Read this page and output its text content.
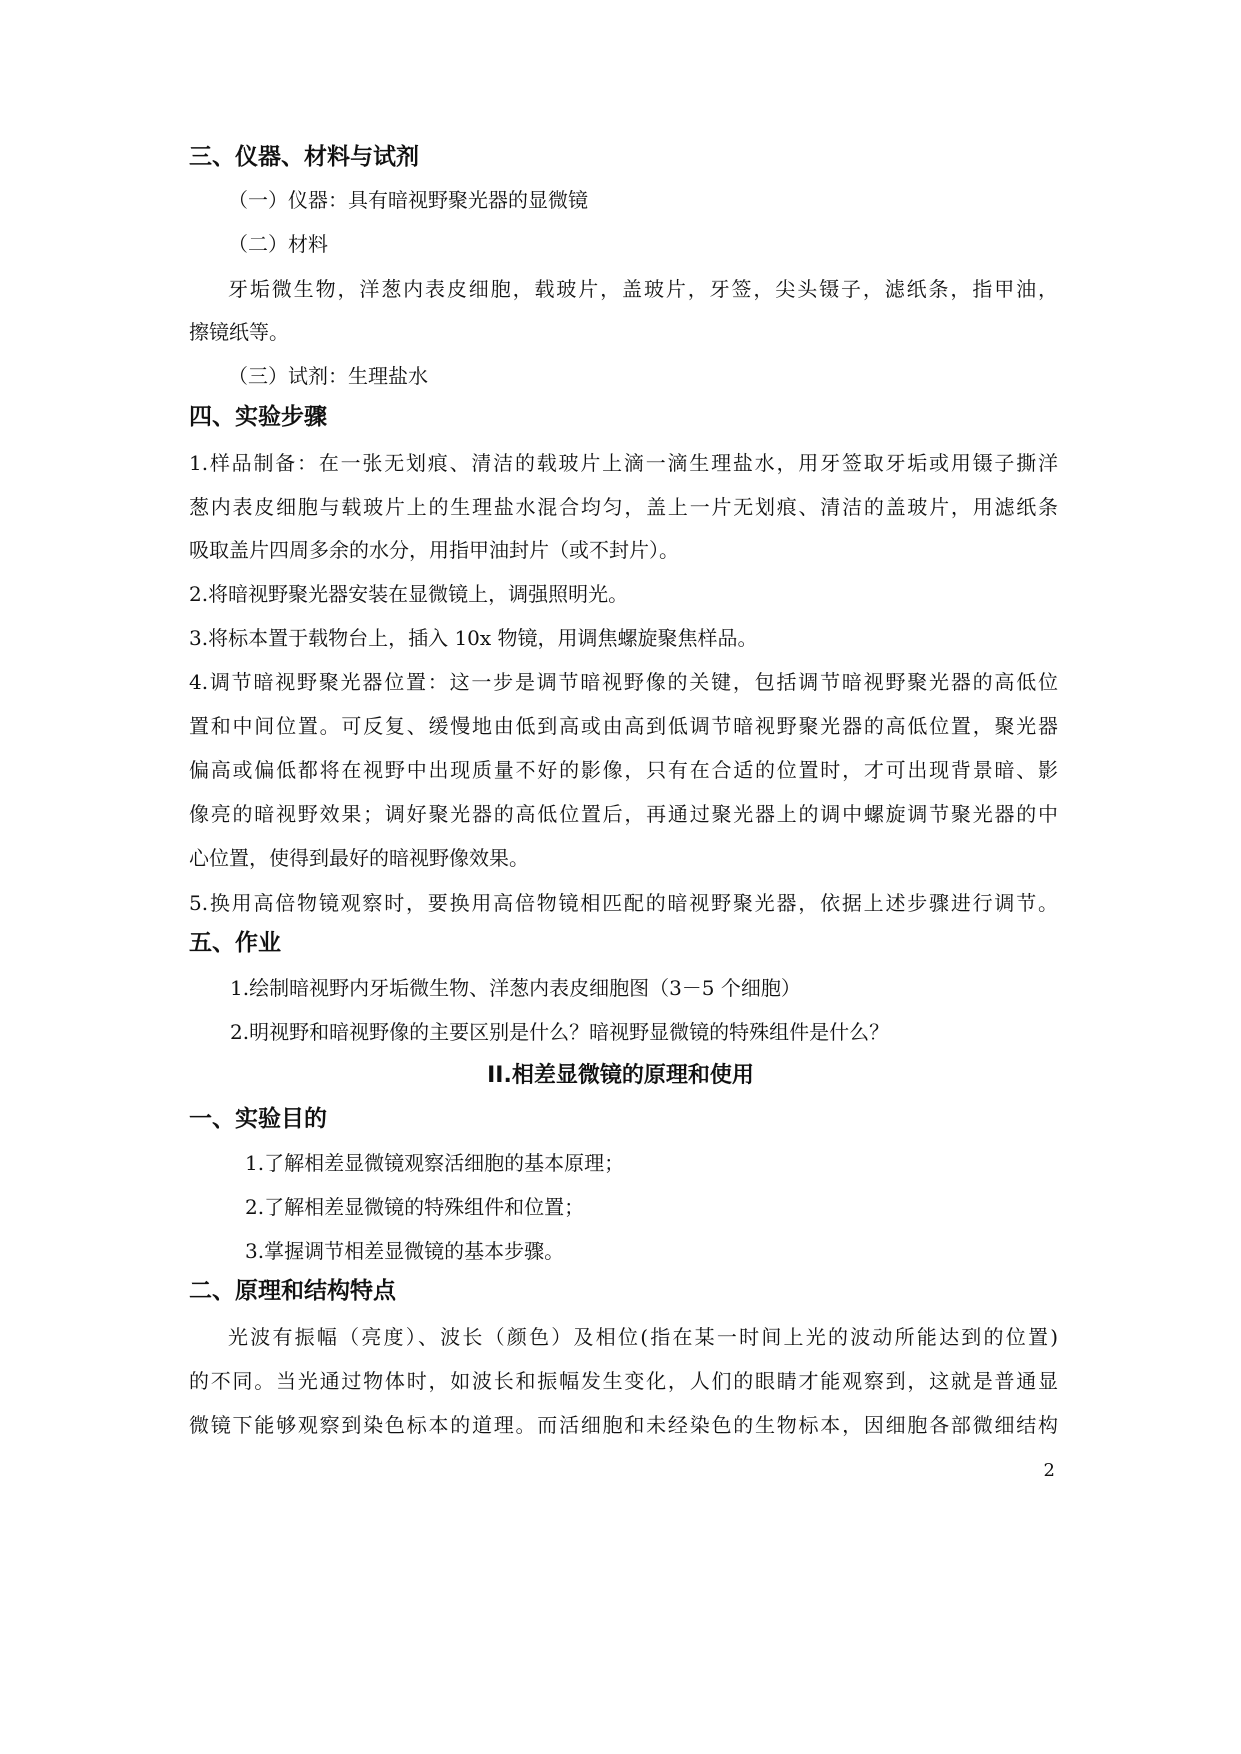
三、仪器、材料与试剂

（一）仪器：具有暗视野聚光器的显微镜

（二）材料

牙垢微生物，洋葱内表皮细胞，载玻片，盖玻片，牙签，尖头镊子，滤纸条，指甲油，

擦镜纸等。

（三）试剂：生理盐水

四、实验步骤

1.样品制备：在一张无划痕、清洁的载玻片上滴一滴生理盐水，用牙签取牙垢或用镊子撕洋

葱内表皮细胞与载玻片上的生理盐水混合均匀，盖上一片无划痕、清洁的盖玻片，用滤纸条

吸取盖片四周多余的水分，用指甲油封片（或不封片）。

2.将暗视野聚光器安装在显微镜上，调强照明光。

3.将标本置于载物台上，插入 10x 物镜，用调焦螺旋聚焦样品。

4.调节暗视野聚光器位置：这一步是调节暗视野像的关键，包括调节暗视野聚光器的高低位

置和中间位置。可反复、缓慢地由低到高或由高到低调节暗视野聚光器的高低位置，聚光器

偏高或偏低都将在视野中出现质量不好的影像，只有在合适的位置时，才可出现背景暗、影

像亮的暗视野效果；调好聚光器的高低位置后，再通过聚光器上的调中螺旋调节聚光器的中

心位置，使得到最好的暗视野像效果。

5.换用高倍物镜观察时，要换用高倍物镜相匹配的暗视野聚光器，依据上述步骤进行调节。

五、作业

1.绘制暗视野内牙垢微生物、洋葱内表皮细胞图（3－5 个细胞）

2.明视野和暗视野像的主要区别是什么？暗视野显微镜的特殊组件是什么？

II.相差显微镜的原理和使用

一、实验目的

1.了解相差显微镜观察活细胞的基本原理；

2.了解相差显微镜的特殊组件和位置；

3.掌握调节相差显微镜的基本步骤。

二、原理和结构特点

光波有振幅（亮度）、波长（颜色）及相位(指在某一时间上光的波动所能达到的位置)

的不同。当光通过物体时，如波长和振幅发生变化，人们的眼睛才能观察到，这就是普通显

微镜下能够观察到染色标本的道理。而活细胞和未经染色的生物标本，因细胞各部微细结构

2
